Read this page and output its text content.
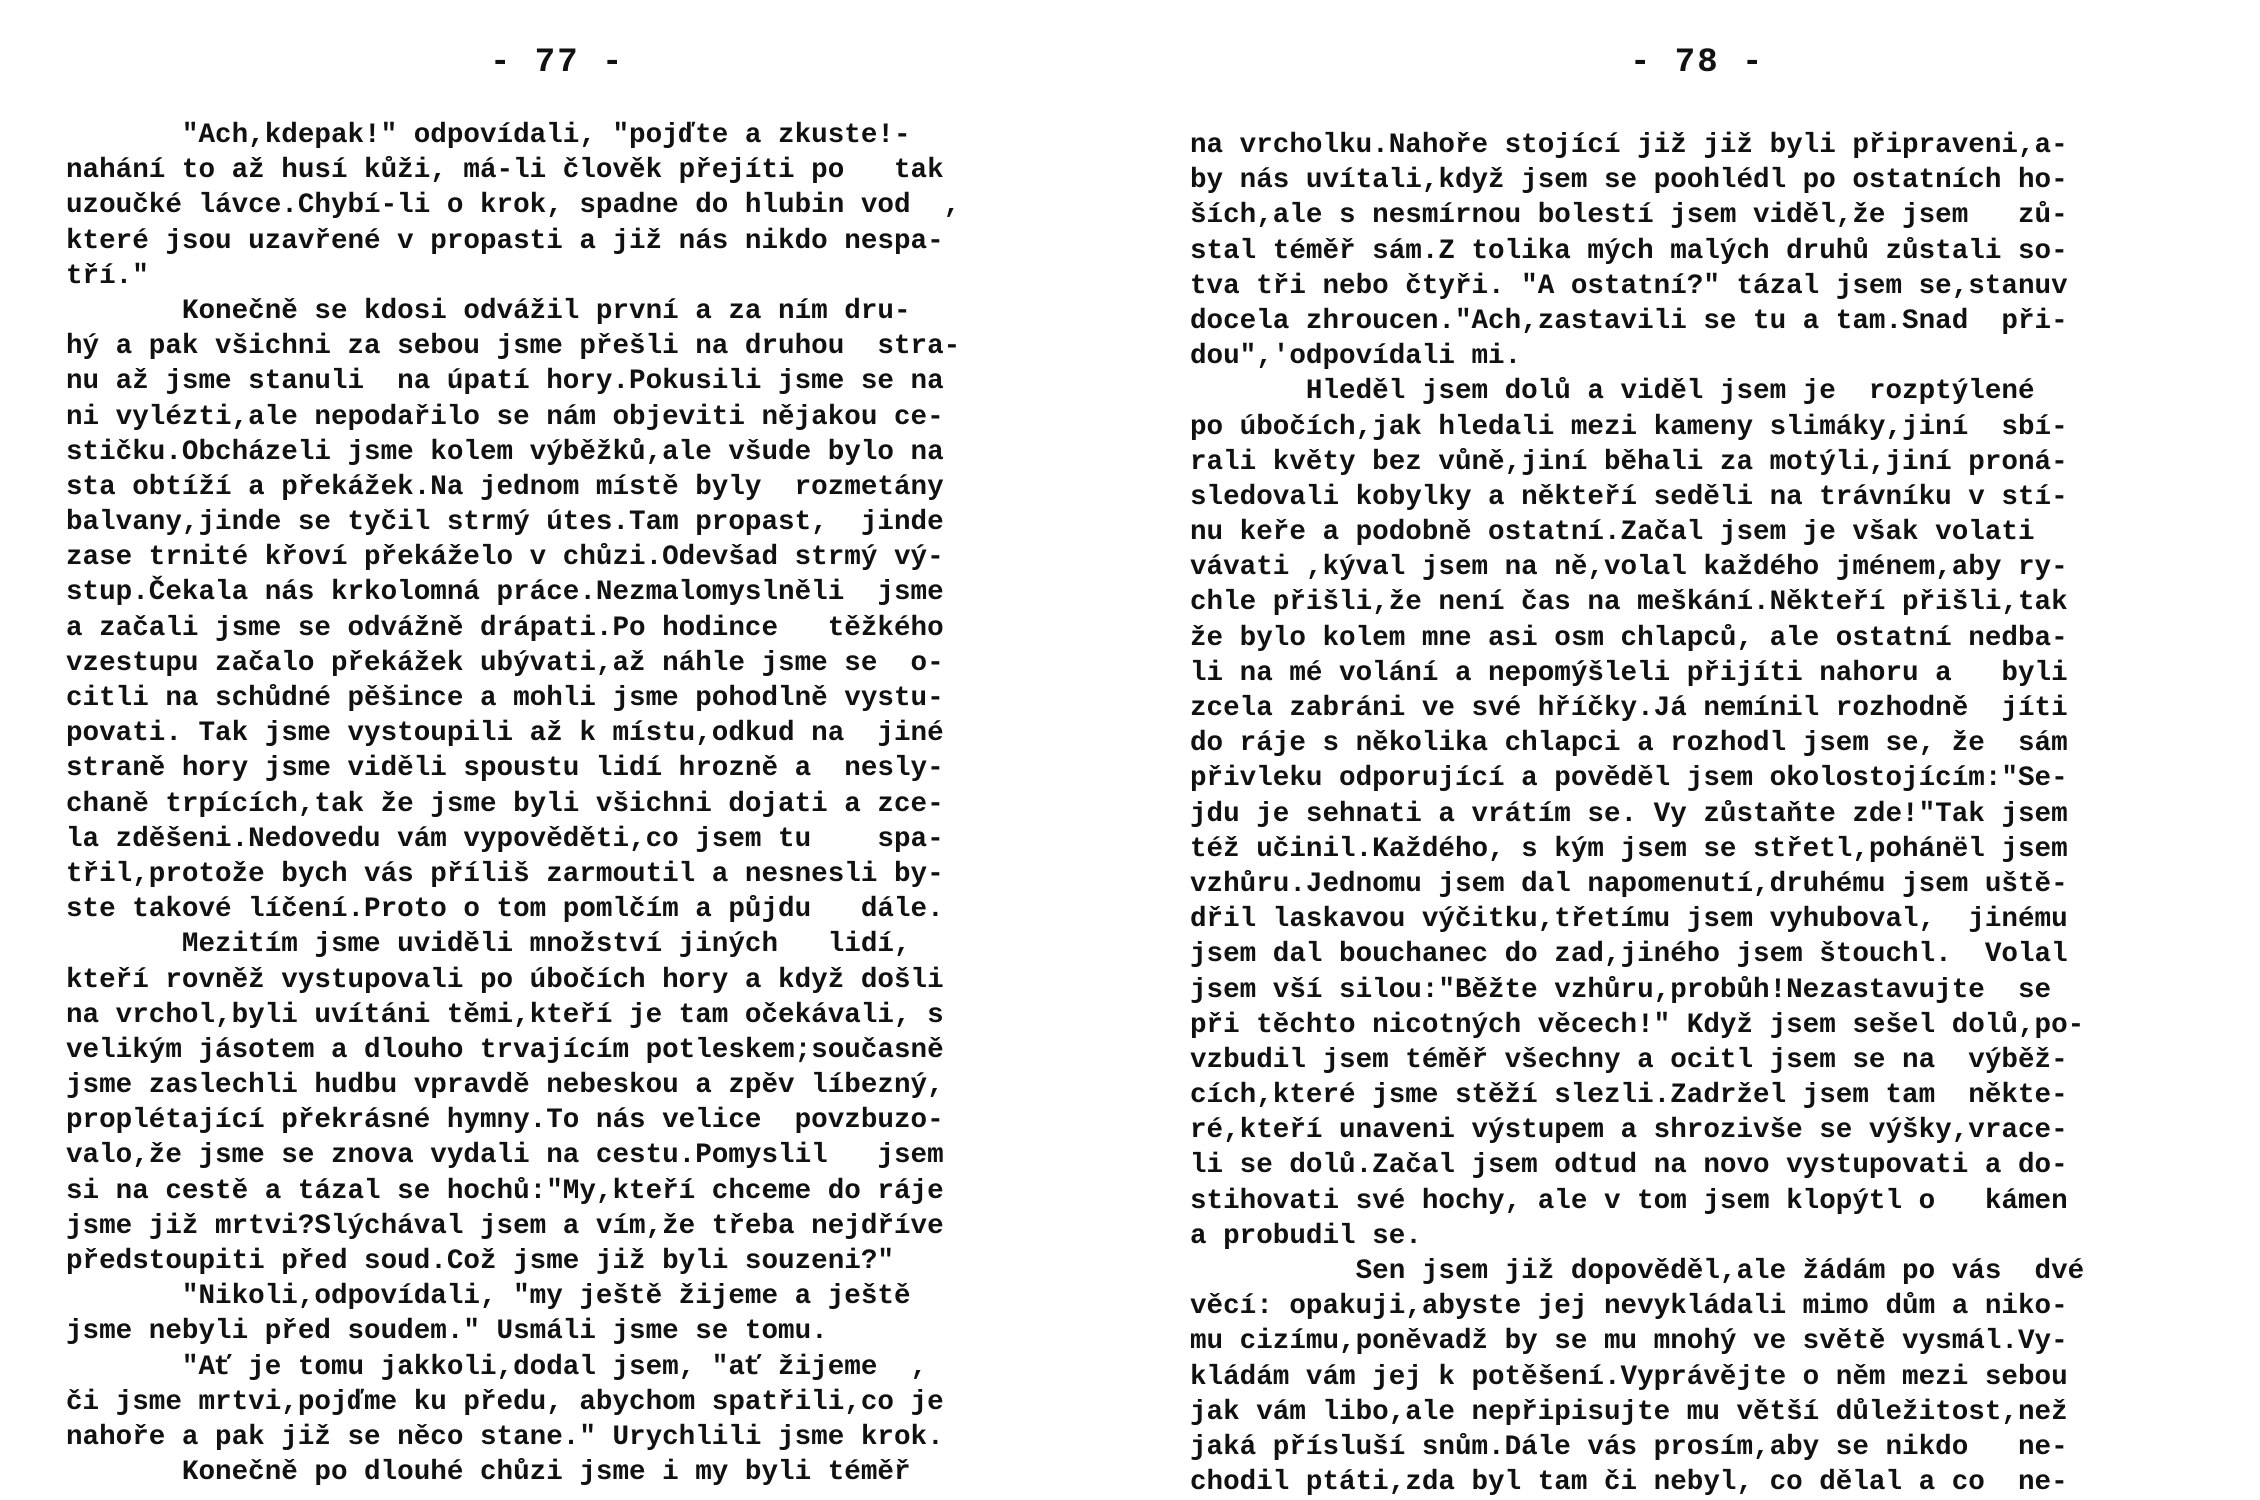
- 77 -
"Ach,kdepak!" odpovídali, "pojďte a zkuste!-
nahání to až husí kůži, má-li člověk přejíti po   tak
uzoučké lávce.Chybí-li o krok, spadne do hlubin vod  ,
které jsou uzavřené v propasti a již nás nikdo nespa-
tří."
Konečně se kdosi odvážil první a za ním dru-
hý a pak všichni za sebou jsme přešli na druhou  stra-
nu až jsme stanuli  na úpatí hory.Pokusili jsme se na
ni vylézti,ale nepodařilo se nám objeviti nějakou ce-
stičku.Obcházeli jsme kolem výběžků,ale všude bylo na
sta obtíží a překážek.Na jednom místě byly  rozmetány
balvany,jinde se tyčil strmý útes.Tam propast,  jinde
zase trnité křoví překáželo v chůzi.Odevšad strmý vý-
stup.Čekala nás krkolomná práce.Nezmalomyslněli  jsme
a začali jsme se odvážně drápati.Po hodince   těžkého
vzestupu začalo překážek ubývati,až náhle jsme se  o-
citli na schůdné pěšince a mohli jsme pohodlně vystu-
povati. Tak jsme vystoupili až k místu,odkud na  jiné
straně hory jsme viděli spoustu lidí hrozně a  nesly-
chaně trpících,tak že jsme byli všichni dojati a zce-
la zděšeni.Nedovedu vám vypověděti,co jsem tu    spa-
třil,protože bych vás příliš zarmoutil a nesnesli by-
ste takové líčení.Proto o tom pomlčím a půjdu   dále.
Mezitím jsme uviděli množství jiných   lidí,
kteří rovněž vystupovali po úbočích hory a když došli
na vrchol,byli uvítáni těmi,kteří je tam očekávali, s
velikým jásotem a dlouho trvajícím potleskem;současně
jsme zaslechli hudbu vpravdě nebeskou a zpěv líbezný,
proplétající překrásné hymny.To nás velice  povzbuzo-
valo,že jsme se znova vydali na cestu.Pomyslil   jsem
si na cestě a tázal se hochů:"My,kteří chceme do ráje
jsme již mrtvi?Slýchával jsem a vím,že třeba nejdříve
předstoupiti před soud.Což jsme již byli souzeni?"
"Nikoli,odpovídali, "my ještě žijeme a ještě
jsme nebyli před soudem." Usmáli jsme se tomu.
"Ať je tomu jakkoli,dodal jsem, "ať žijeme  ,
či jsme mrtvi,pojďme ku předu, abychom spatřili,co je
nahoře a pak již se něco stane." Urychlili jsme krok.
Konečně po dlouhé chůzi jsme i my byli téměř
- 78 -
na vrcholku.Nahoře stojící již již byli připraveni,a-
by nás uvítali,když jsem se poohlédl po ostatních ho-
ších,ale s nesmírnou bolestí jsem viděl,že jsem   zů-
stal téměř sám.Z tolika mých malých druhů zůstali so-
tva tři nebo čtyři. "A ostatní?" tázal jsem se,stanuv
docela zhroucen."Ach,zastavili se tu a tam.Snad  při-
dou",'odpovídali mi.
Hleděl jsem dolů a viděl jsem je  rozptýlené
po úbočích,jak hledali mezi kameny slimáky,jiní  sbí-
rali květy bez vůně,jiní běhali za motýli,jiní proná-
sledovali kobylky a někteří seděli na trávníku v stí-
nu keře a podobně ostatní.Začal jsem je však volati
vávati ,kýval jsem na ně,volal každého jménem,aby ry-
chle přišli,že není čas na meškání.Někteří přišli,tak
že bylo kolem mne asi osm chlapců, ale ostatní nedba-
li na mé volání a nepomýšleli přijíti nahoru a   byli
zcela zabráni ve své hříčky.Já nemínil rozhodně  jíti
do ráje s několika chlapci a rozhodl jsem se, že  sám
přivleku odporující a pověděl jsem okolostojícím:"Se-
jdu je sehnati a vrátím se. Vy zůstaňte zde!"Tak jsem
též učinil.Každého, s kým jsem se střetl,pohánël jsem
vzhůru.Jednomu jsem dal napomenutí,druhému jsem uště-
dřil laskavou výčitku,třetímu jsem vyhuboval,  jinému
jsem dal bouchanec do zad,jiného jsem štouchl.  Volal
jsem vší silou:"Běžte vzhůru,probůh!Nezastavujte  se
při těchto nicotných věcech!" Když jsem sešel dolů,po-
vzbudil jsem téměř všechny a ocitl jsem se na  výběž-
cích,které jsme stěží slezli.Zadržel jsem tam  někte-
ré,kteří unaveni výstupem a shrozivše se výšky,vrace-
li se dolů.Začal jsem odtud na novo vystupovati a do-
stihovati své hochy, ale v tom jsem klopýtl o   kámen
a probudil se.
Sen jsem již dopověděl,ale žádám po vás  dvé
věcí: opakuji,abyste jej nevykládali mimo dům a niko-
mu cizímu,poněvadž by se mu mnohý ve světě vysmál.Vy-
kládám vám jej k potěšení.Vyprávějte o něm mezi sebou
jak vám libo,ale nepřipisujte mu větší důležitost,než
jaká přísluší snům.Dále vás prosím,aby se nikdo   ne-
chodil ptáti,zda byl tam či nebyl, co dělal a co  ne-
